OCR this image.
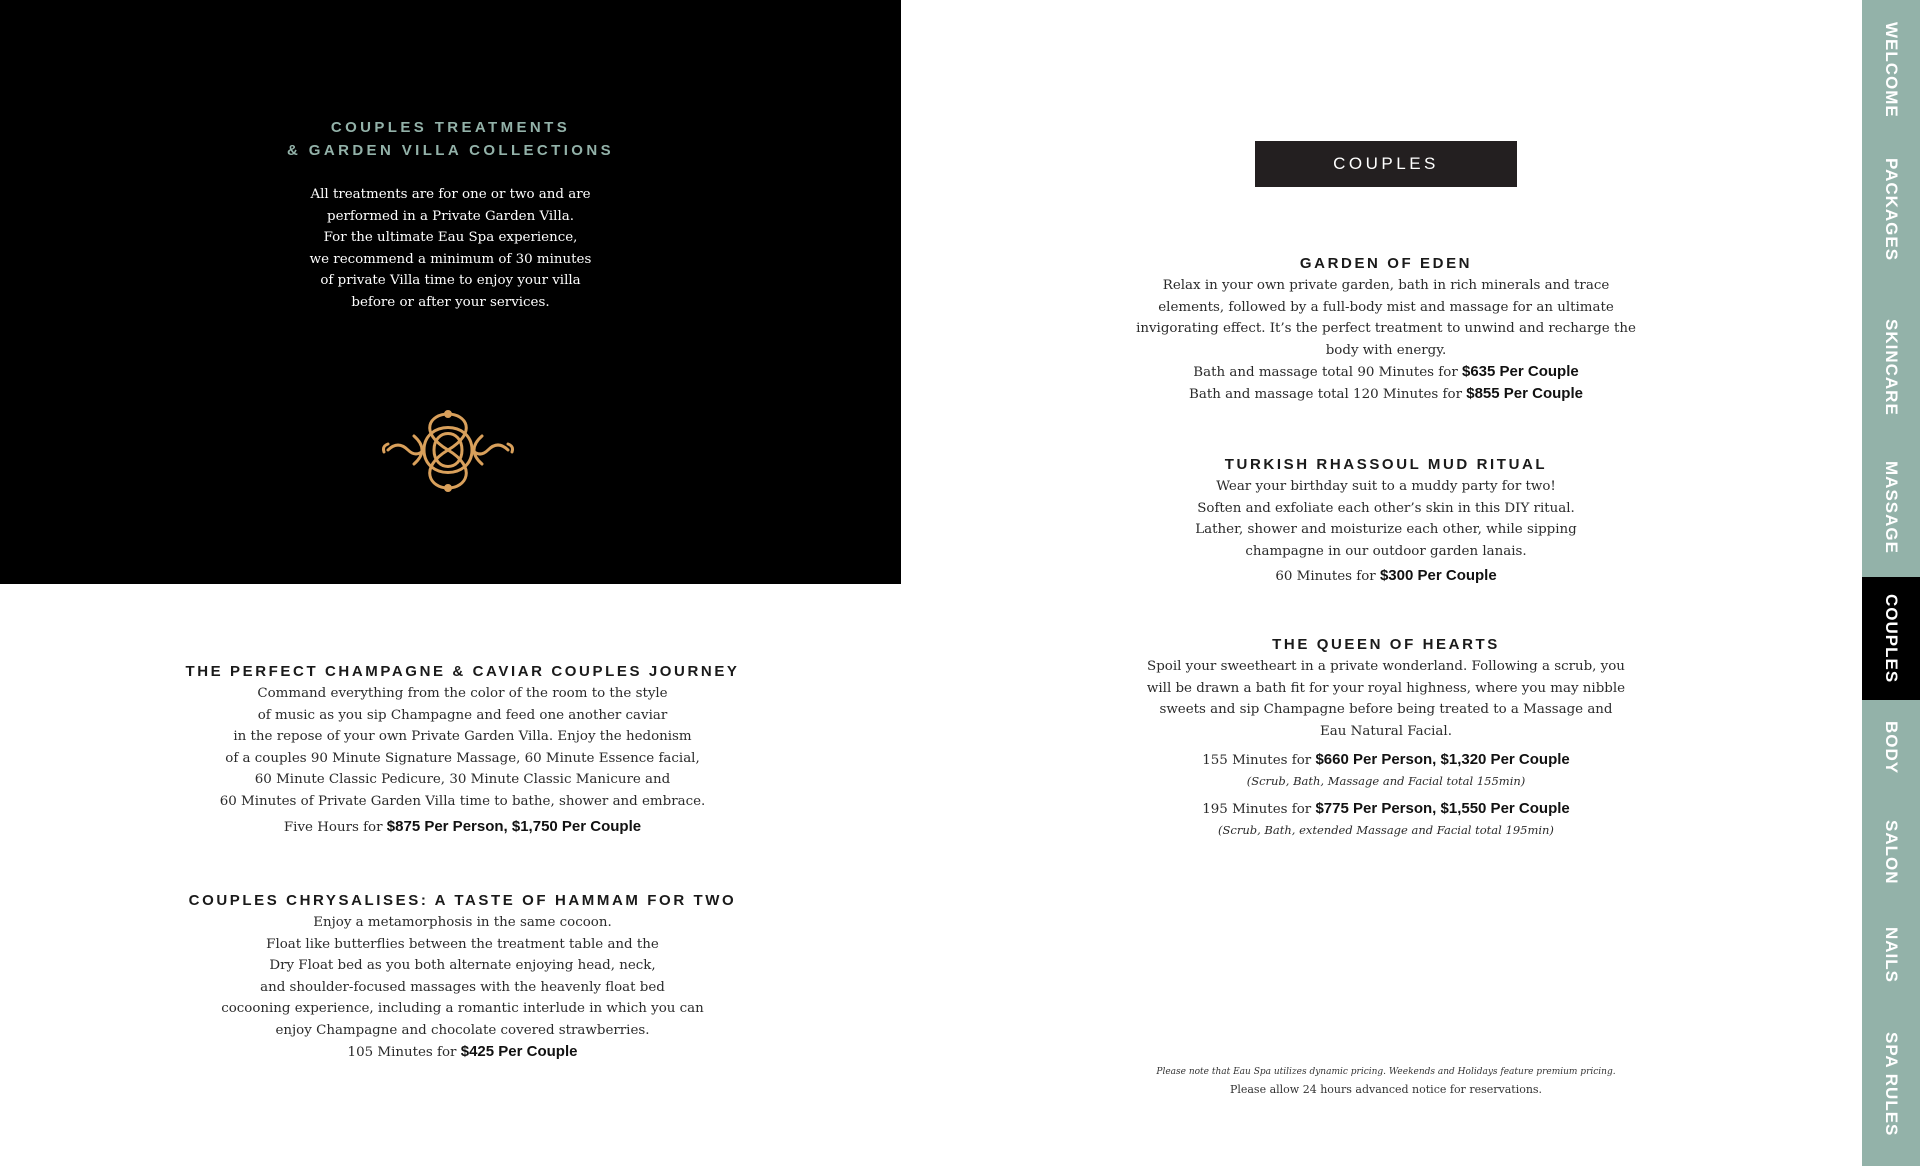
COUPLES TREATMENTS
& GARDEN VILLA COLLECTIONS
All treatments are for one or two and are
performed in a Private Garden Villa.
For the ultimate Eau Spa experience,
we recommend a minimum of 30 minutes
of private Villa time to enjoy your villa
before or after your services.
THE PERFECT CHAMPAGNE & CAVIAR COUPLES JOURNEY
Command everything from the color of the room to the style
of music as you sip Champagne and feed one another caviar
in the repose of your own Private Garden Villa. Enjoy the hedonism
of a couples 90 Minute Signature Massage, 60 Minute Essence facial,
60 Minute Classic Pedicure, 30 Minute Classic Manicure and
60 Minutes of Private Garden Villa time to bathe, shower and embrace.
Five Hours for $875 Per Person, $1,750 Per Couple
COUPLES CHRYSALISES: A TASTE OF HAMMAM FOR TWO
Enjoy a metamorphosis in the same cocoon.
Float like butterflies between the treatment table and the
Dry Float bed as you both alternate enjoying head, neck,
and shoulder-focused massages with the heavenly float bed
cocooning experience, including a romantic interlude in which you can
enjoy Champagne and chocolate covered strawberries.
105 Minutes for $425 Per Couple
COUPLES
GARDEN OF EDEN
Relax in your own private garden, bath in rich minerals and trace
elements, followed by a full-body mist and massage for an ultimate
invigorating effect. It’s the perfect treatment to unwind and recharge the
body with energy.
Bath and massage total 90 Minutes for $635 Per Couple
Bath and massage total 120 Minutes for $855 Per Couple
TURKISH RHASSOUL MUD RITUAL
Wear your birthday suit to a muddy party for two!
Soften and exfoliate each other’s skin in this DIY ritual.
Lather, shower and moisturize each other, while sipping
champagne in our outdoor garden lanais.
60 Minutes for $300 Per Couple
THE QUEEN OF HEARTS
Spoil your sweetheart in a private wonderland. Following a scrub, you
will be drawn a bath fit for your royal highness, where you may nibble
sweets and sip Champagne before being treated to a Massage and
Eau Natural Facial.
155 Minutes for $660 Per Person, $1,320 Per Couple
(Scrub, Bath, Massage and Facial total 155min)
195 Minutes for $775 Per Person, $1,550 Per Couple
(Scrub, Bath, extended Massage and Facial total 195min)
Please note that Eau Spa utilizes dynamic pricing. Weekends and Holidays feature premium pricing.
Please allow 24 hours advanced notice for reservations.
WELCOME
PACKAGES
SKINCARE
MASSAGE
COUPLES
BODY
SALON
NAILS
SPA RULES
